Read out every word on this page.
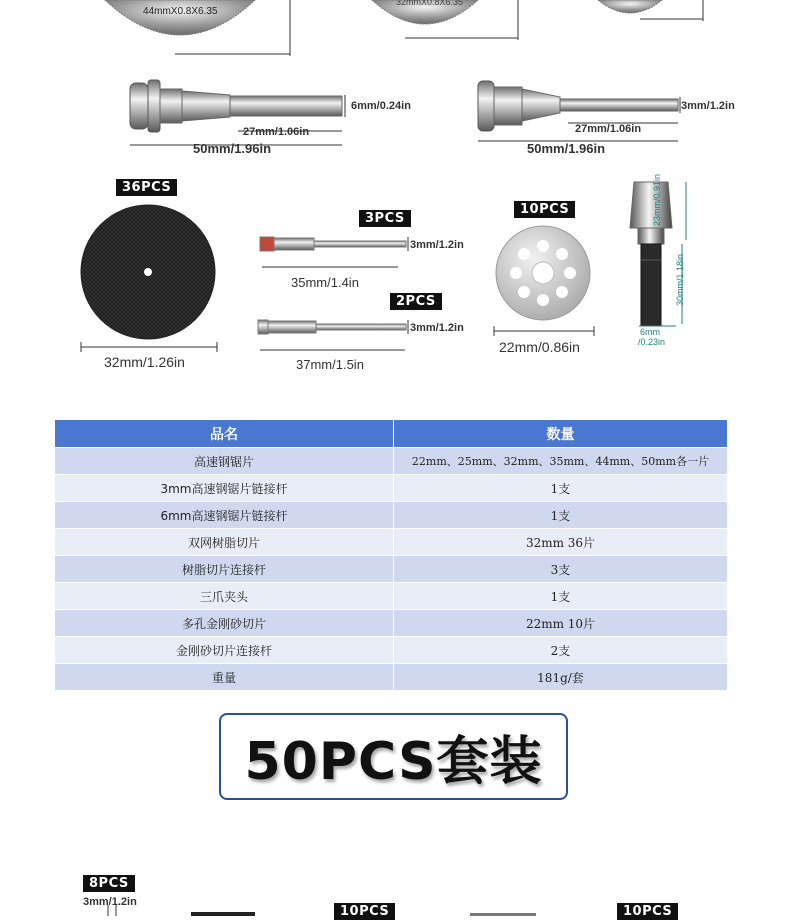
44mmX0.8X6.35
32mmX0.8X6.35
6mm/0.24in
27mm/1.06in
50mm/1.96in
3mm/1.2in
27mm/1.06in
50mm/1.96in
36PCS
32mm/1.26in
3PCS
3mm/1.2in
35mm/1.4in
2PCS
3mm/1.2in
37mm/1.5in
10PCS
22mm/0.86in
23mm/0.91in
30mm/1.18in
6mm
/0.23in
品名	数量
高速钢锯片	22mm、25mm、32mm、35mm、44mm、50mm各一片
3mm高速钢锯片链接杆	1支
6mm高速钢锯片链接杆	1支
双网树脂切片	32mm 36片
树脂切片连接杆	3支
三爪夹头	1支
多孔金刚砂切片	22mm 10片
金刚砂切片连接杆	2支
重量	181g/套
50PCS套装
8PCS
3mm/1.2in
10PCS	10PCS
